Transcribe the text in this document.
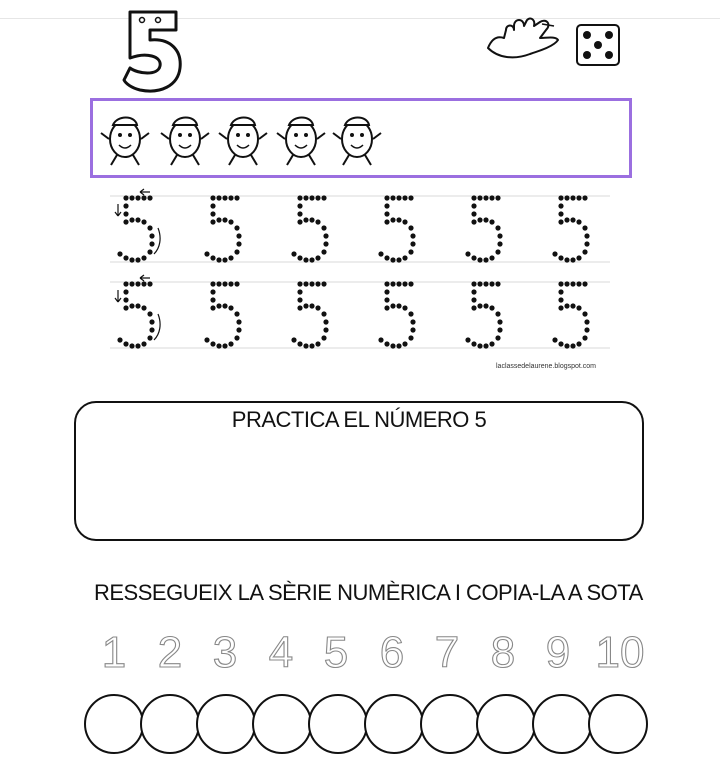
laclassedelaurene.blogspot.com
PRACTICA EL NÚMERO 5
RESSEGUEIX LA SÈRIE NUMÈRICA I COPIA-LA A SOTA
1 2 3 4 5 6 7 8 9 10
